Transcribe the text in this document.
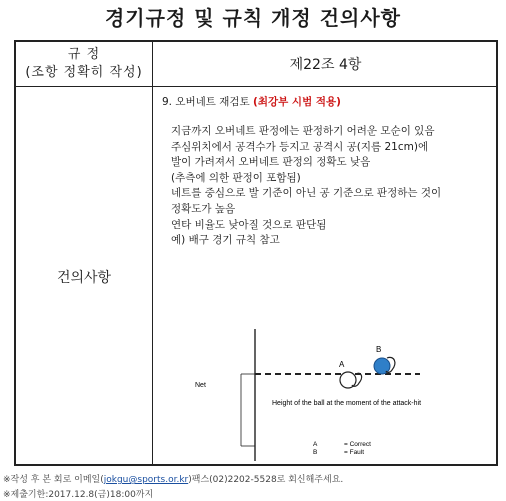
경기규정 및 규칙 개정 건의사항
규 정
(조항 정확히 작성)	제22조 4항
건의사항
9. 오버네트 재검토 (최강부 시범 적용)
지금까지 오버네트 판정에는 판정하기 어려운 모순이 있음
주심위치에서 공격수가 등지고 공격시 공(지름 21cm)에
발이 가려져서 오버네트 판정의 정확도 낮음
(추측에 의한 판정이 포함됨)
네트를 중심으로 발 기준이 아닌 공 기준으로 판정하는 것이
정확도가 높음
연타 비율도 낮아질 것으로 판단됨
예) 배구 경기 규칙 참고
Net
A
B
Height of the ball at the moment of the attack-hit
A	= Correct
B	= Fault
※작성 후 본 회로 이메일(jokgu@sports.or.kr)팩스(02)2202-5528로 회신해주세요.
※제출기한:2017.12.8(금)18:00까지
